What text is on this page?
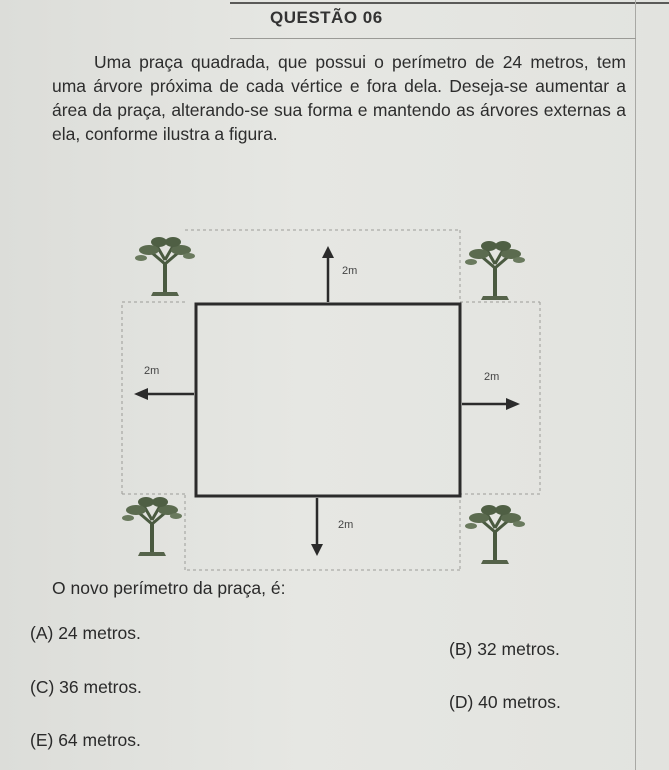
QUESTÃO 06
Uma praça quadrada, que possui o perímetro de 24 metros, tem uma árvore próxima de cada vértice e fora dela. Deseja-se aumentar a área da praça, alterando-se sua forma e mantendo as árvores externas a ela, conforme ilustra a figura.
2m
2m	2m
2m
O novo perímetro da praça, é:
(A) 24 metros.
(B) 32 metros.
(C) 36 metros.
(D) 40 metros.
(E) 64 metros.
